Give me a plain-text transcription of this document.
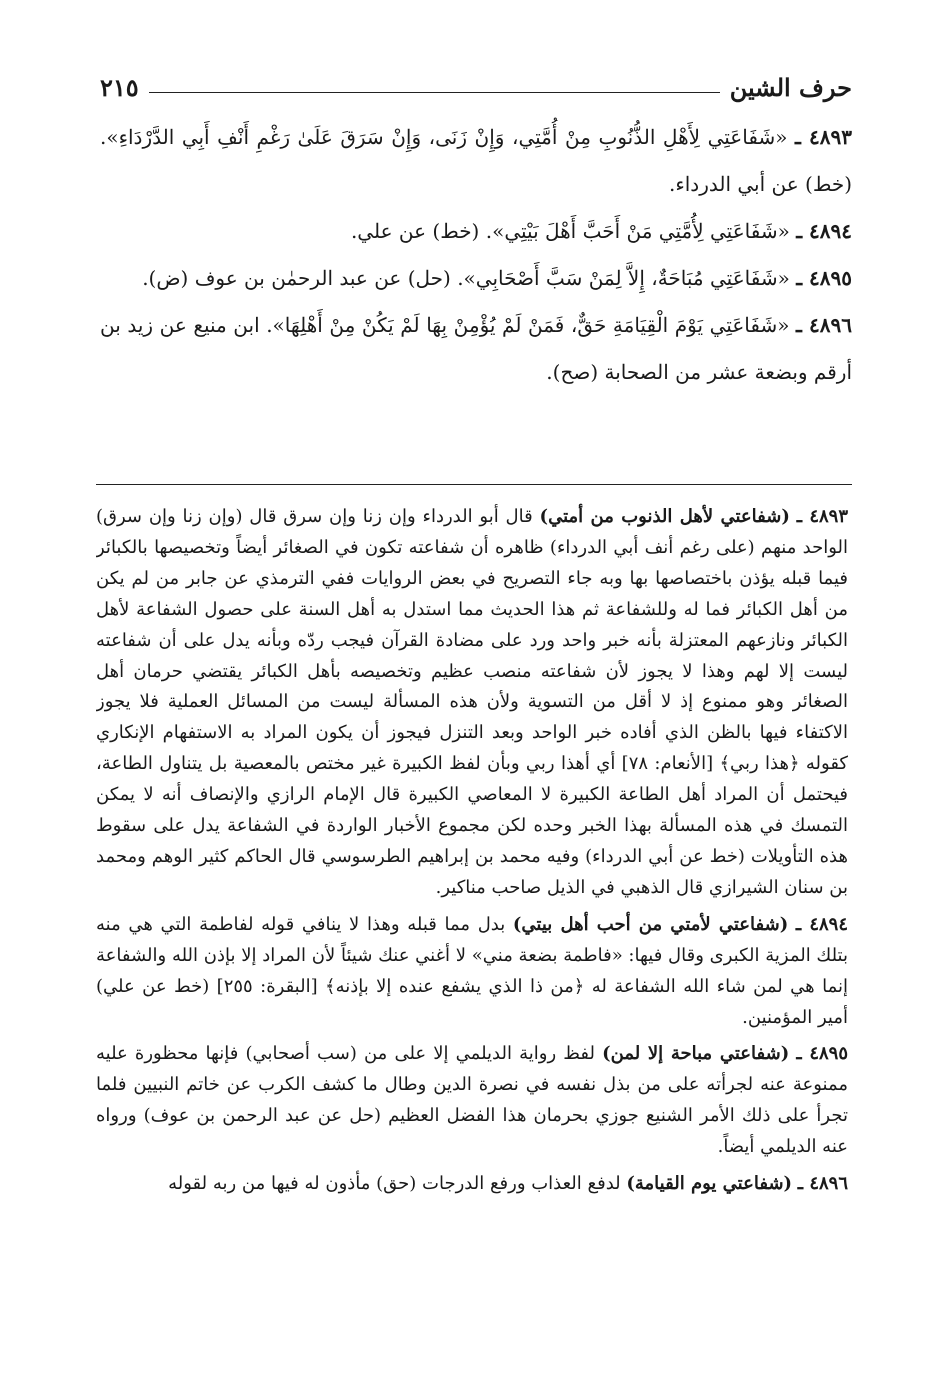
حرف الشين
٢١٥

٤٨٩٣ ـ «شَفَاعَتِي لِأَهْلِ الذُّنُوبِ مِنْ أُمَّتِي، وَإِنْ زَنَى، وَإِنْ سَرَقَ عَلَىٰ رَغْمِ أَنْفِ أَبِي الدَّرْدَاءِ». (خط) عن أبي الدرداء.

٤٨٩٤ ـ «شَفَاعَتِي لِأُمَّتِي مَنْ أَحَبَّ أَهْلَ بَيْتِي». (خط) عن علي.

٤٨٩٥ ـ «شَفَاعَتِي مُبَاحَةٌ، إِلاَّ لِمَنْ سَبَّ أَصْحَابِي». (حل) عن عبد الرحمٰن بن عوف (ض).

٤٨٩٦ ـ «شَفَاعَتِي يَوْمَ الْقِيَامَةِ حَقٌّ، فَمَنْ لَمْ يُؤْمِنْ بِهَا لَمْ يَكُنْ مِنْ أَهْلِهَا». ابن منيع عن زيد بن أرقم وبضعة عشر من الصحابة (صح).

٤٨٩٣ ـ (شفاعتي لأهل الذنوب من أمتي) قال أبو الدرداء وإن زنا وإن سرق قال (وإن زنا وإن سرق) الواحد منهم (على رغم أنف أبي الدرداء) ظاهره أن شفاعته تكون في الصغائر أيضاً وتخصيصها بالكبائر فيما قبله يؤذن باختصاصها بها وبه جاء التصريح في بعض الروايات ففي الترمذي عن جابر من لم يكن من أهل الكبائر فما له وللشفاعة ثم هذا الحديث مما استدل به أهل السنة على حصول الشفاعة لأهل الكبائر ونازعهم المعتزلة بأنه خبر واحد ورد على مضادة القرآن فيجب ردّه وبأنه يدل على أن شفاعته ليست إلا لهم وهذا لا يجوز لأن شفاعته منصب عظيم وتخصيصه بأهل الكبائر يقتضي حرمان أهل الصغائر وهو ممنوع إذ لا أقل من التسوية ولأن هذه المسألة ليست من المسائل العملية فلا يجوز الاكتفاء فيها بالظن الذي أفاده خبر الواحد وبعد التنزل فيجوز أن يكون المراد به الاستفهام الإنكاري كقوله ﴿هذا ربي﴾ [الأنعام: ٧٨] أي أهذا ربي وبأن لفظ الكبيرة غير مختص بالمعصية بل يتناول الطاعة، فيحتمل أن المراد أهل الطاعة الكبيرة لا المعاصي الكبيرة قال الإمام الرازي والإنصاف أنه لا يمكن التمسك في هذه المسألة بهذا الخبر وحده لكن مجموع الأخبار الواردة في الشفاعة يدل على سقوط هذه التأويلات (خط عن أبي الدرداء) وفيه محمد بن إبراهيم الطرسوسي قال الحاكم كثير الوهم ومحمد بن سنان الشيرازي قال الذهبي في الذيل صاحب مناكير.

٤٨٩٤ ـ (شفاعتي لأمتي من أحب أهل بيتي) بدل مما قبله وهذا لا ينافي قوله لفاطمة التي هي منه بتلك المزية الكبرى وقال فيها: «فاطمة بضعة مني» لا أغني عنك شيئاً لأن المراد إلا بإذن الله والشفاعة إنما هي لمن شاء الله الشفاعة له ﴿من ذا الذي يشفع عنده إلا بإذنه﴾ [البقرة: ٢٥٥] (خط عن علي) أمير المؤمنين.

٤٨٩٥ ـ (شفاعتي مباحة إلا لمن) لفظ رواية الديلمي إلا على من (سب أصحابي) فإنها محظورة عليه ممنوعة عنه لجرأته على من بذل نفسه في نصرة الدين وطال ما كشف الكرب عن خاتم النبيين فلما تجرأ على ذلك الأمر الشنيع جوزي بحرمان هذا الفضل العظيم (حل عن عبد الرحمن بن عوف) ورواه عنه الديلمي أيضاً.

٤٨٩٦ ـ (شفاعتي يوم القيامة) لدفع العذاب ورفع الدرجات (حق) مأذون له فيها من ربه لقوله
